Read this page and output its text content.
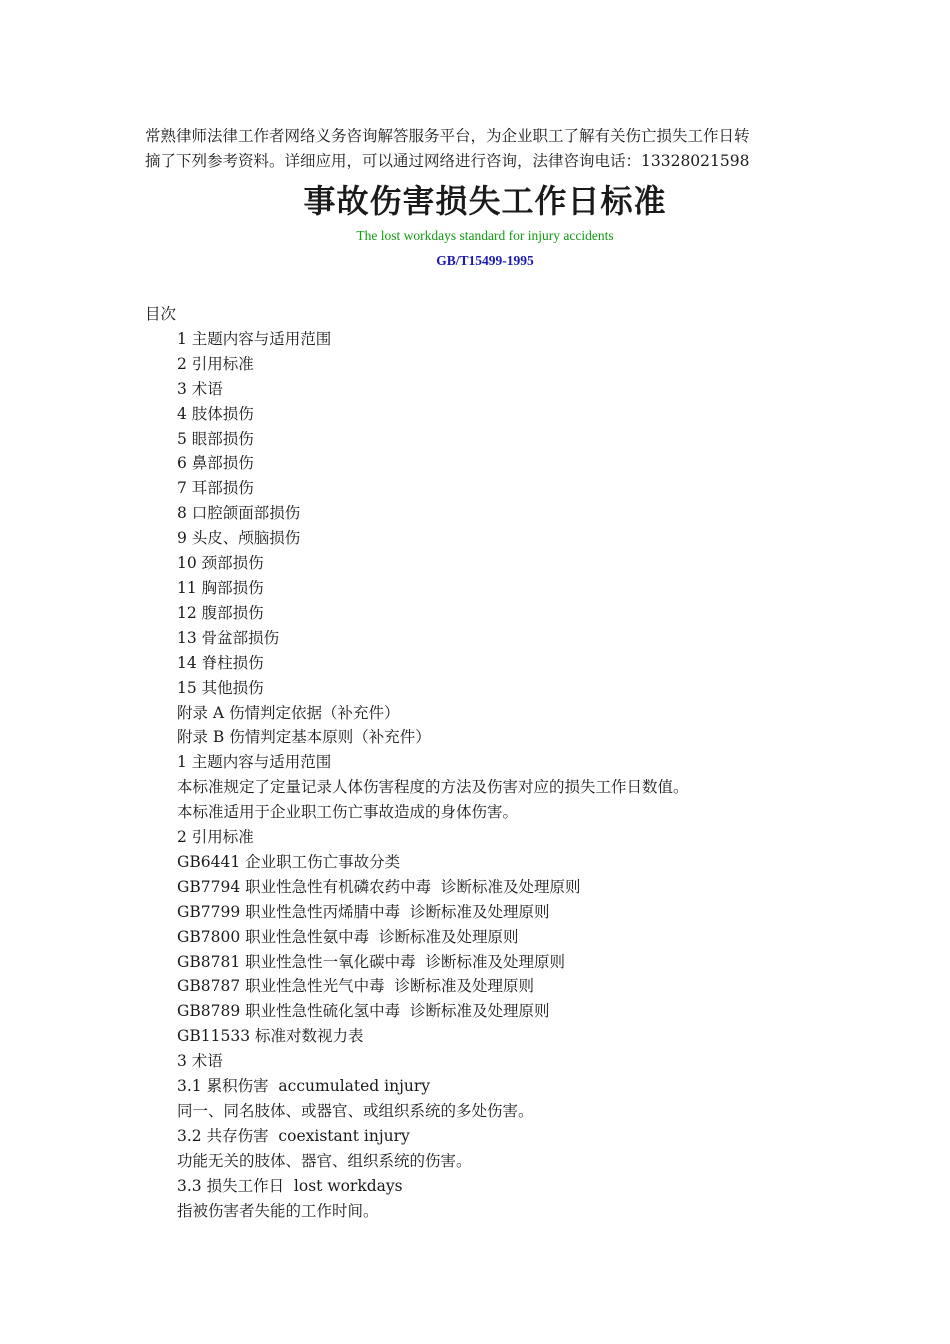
常熟律师法律工作者网络义务咨询解答服务平台，为企业职工了解有关伤亡损失工作日转
摘了下列参考资料。详细应用，可以通过网络进行咨询，法律咨询电话：13328021598

事故伤害损失工作日标准
The lost workdays standard for injury accidents
GB/T15499-1995
目次
1 主题内容与适用范围
2 引用标准
3 术语
4 肢体损伤
5 眼部损伤
6 鼻部损伤
7 耳部损伤
8 口腔颌面部损伤
9 头皮、颅脑损伤
10 颈部损伤
11 胸部损伤
12 腹部损伤
13 骨盆部损伤
14 脊柱损伤
15 其他损伤
附录 A 伤情判定依据（补充件）
附录 B 伤情判定基本原则（补充件）
1 主题内容与适用范围
本标准规定了定量记录人体伤害程度的方法及伤害对应的损失工作日数值。
本标准适用于企业职工伤亡事故造成的身体伤害。
2 引用标准
GB6441 企业职工伤亡事故分类
GB7794 职业性急性有机磷农药中毒  诊断标准及处理原则
GB7799 职业性急性丙烯腈中毒  诊断标准及处理原则
GB7800 职业性急性氨中毒  诊断标准及处理原则
GB8781 职业性急性一氧化碳中毒  诊断标准及处理原则
GB8787 职业性急性光气中毒  诊断标准及处理原则
GB8789 职业性急性硫化氢中毒  诊断标准及处理原则
GB11533 标准对数视力表
3 术语
3.1 累积伤害  accumulated injury
同一、同名肢体、或器官、或组织系统的多处伤害。
3.2 共存伤害  coexistant injury
功能无关的肢体、器官、组织系统的伤害。
3.3 损失工作日  lost workdays
指被伤害者失能的工作时间。
